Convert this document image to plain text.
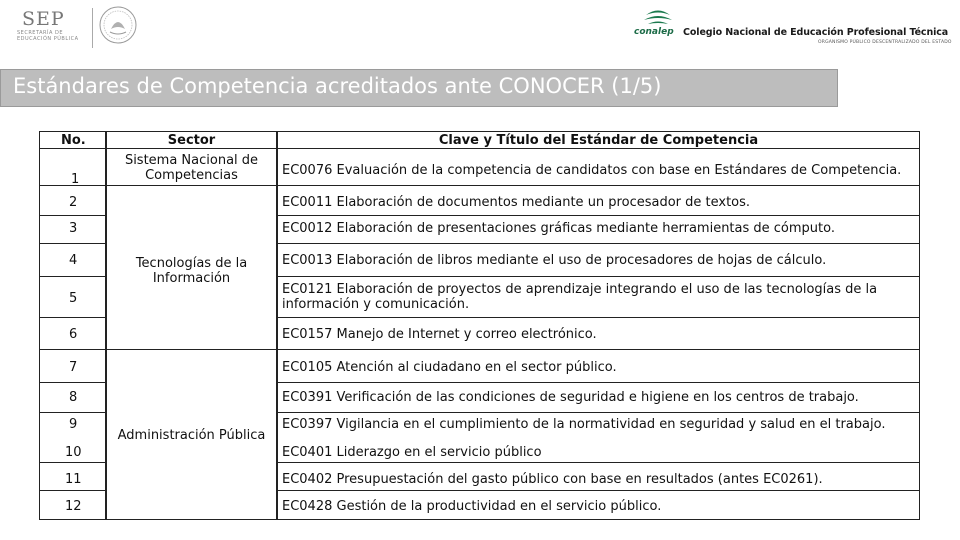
SEP
SECRETARÍA DE EDUCACIÓN PÚBLICA
conalep Colegio Nacional de Educación Profesional Técnica
ORGANISMO PÚBLICO DESCENTRALIZADO DEL ESTADO
Estándares de Competencia acreditados ante CONOCER (1/5)
No.	Sector	Clave y Título del Estándar de Competencia
Sistema Nacional de Competencias
Tecnologías de la Información
Administración Pública
1
2
3
4
5
6
7
8
9
10
11
12
EC0076 Evaluación de la competencia de candidatos con base en Estándares de Competencia.
EC0011 Elaboración de documentos mediante un procesador de textos.
EC0012 Elaboración de presentaciones gráficas mediante herramientas de cómputo.
EC0013 Elaboración de libros mediante el uso de procesadores de hojas de cálculo.
EC0121 Elaboración de proyectos de aprendizaje integrando el uso de las tecnologías de la información y comunicación.
EC0157 Manejo de Internet y correo electrónico.
EC0105 Atención al ciudadano en el sector público.
EC0391 Verificación de las condiciones de seguridad e higiene en los centros de trabajo.
EC0397 Vigilancia en el cumplimiento de la normatividad en seguridad y salud en el trabajo.
EC0401 Liderazgo en el servicio público
EC0402 Presupuestación del gasto público con base en resultados (antes EC0261).
EC0428 Gestión de la productividad en el servicio público.
